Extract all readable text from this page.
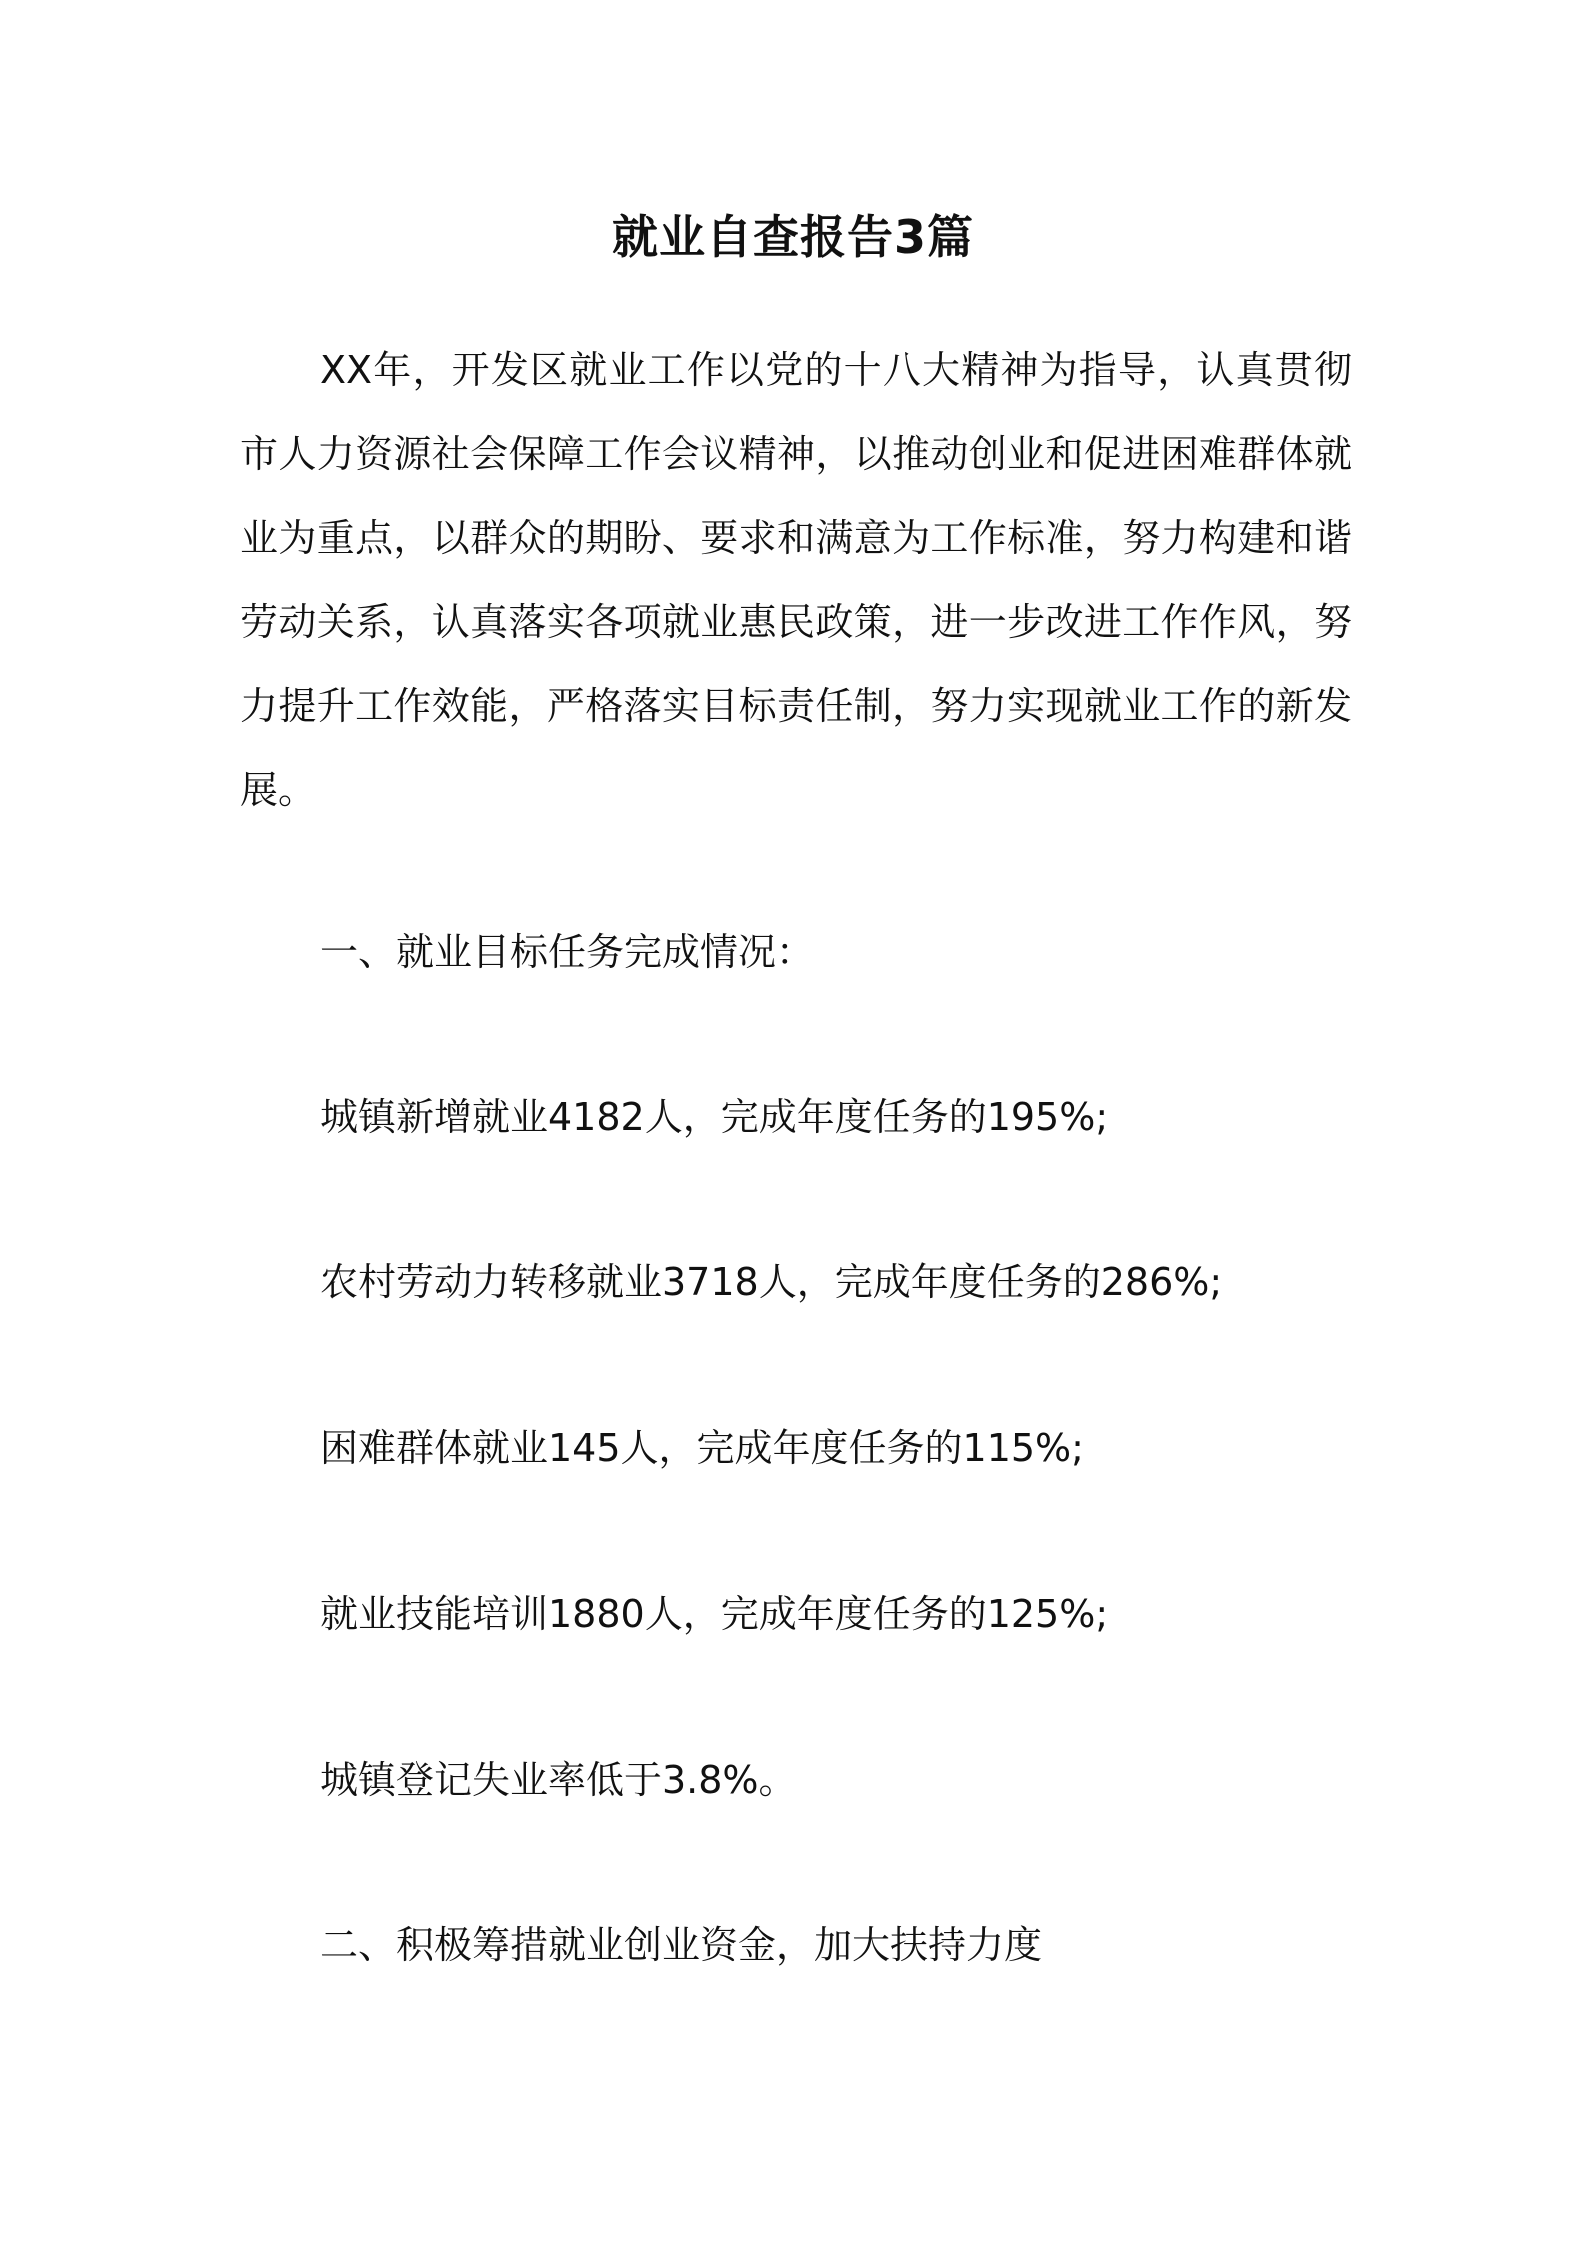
就业自查报告3篇

XX年，开发区就业工作以党的十八大精神为指导，认真贯彻市人力资源社会保障工作会议精神，以推动创业和促进困难群体就业为重点，以群众的期盼、要求和满意为工作标准，努力构建和谐劳动关系，认真落实各项就业惠民政策，进一步改进工作作风，努力提升工作效能，严格落实目标责任制，努力实现就业工作的新发展。

一、就业目标任务完成情况：

城镇新增就业4182人，完成年度任务的195%;

农村劳动力转移就业3718人，完成年度任务的286%;

困难群体就业145人，完成年度任务的115%;

就业技能培训1880人，完成年度任务的125%;

城镇登记失业率低于3.8%。

二、积极筹措就业创业资金，加大扶持力度
